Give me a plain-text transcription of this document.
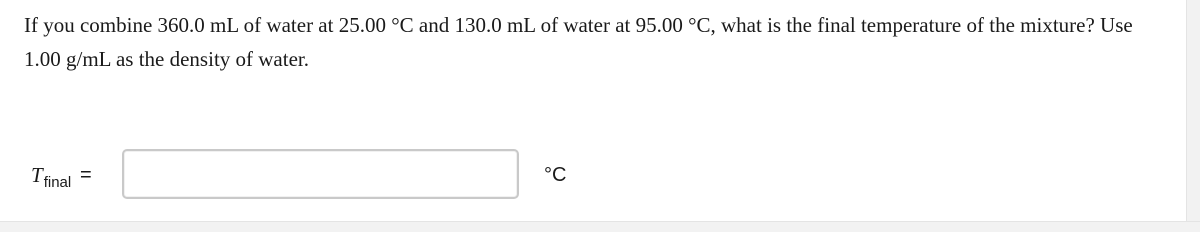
If you combine 360.0 mL of water at 25.00 °C and 130.0 mL of water at 95.00 °C, what is the final temperature of the mixture? Use 1.00 g/mL as the density of water.

$T_{final}$ =	°C
